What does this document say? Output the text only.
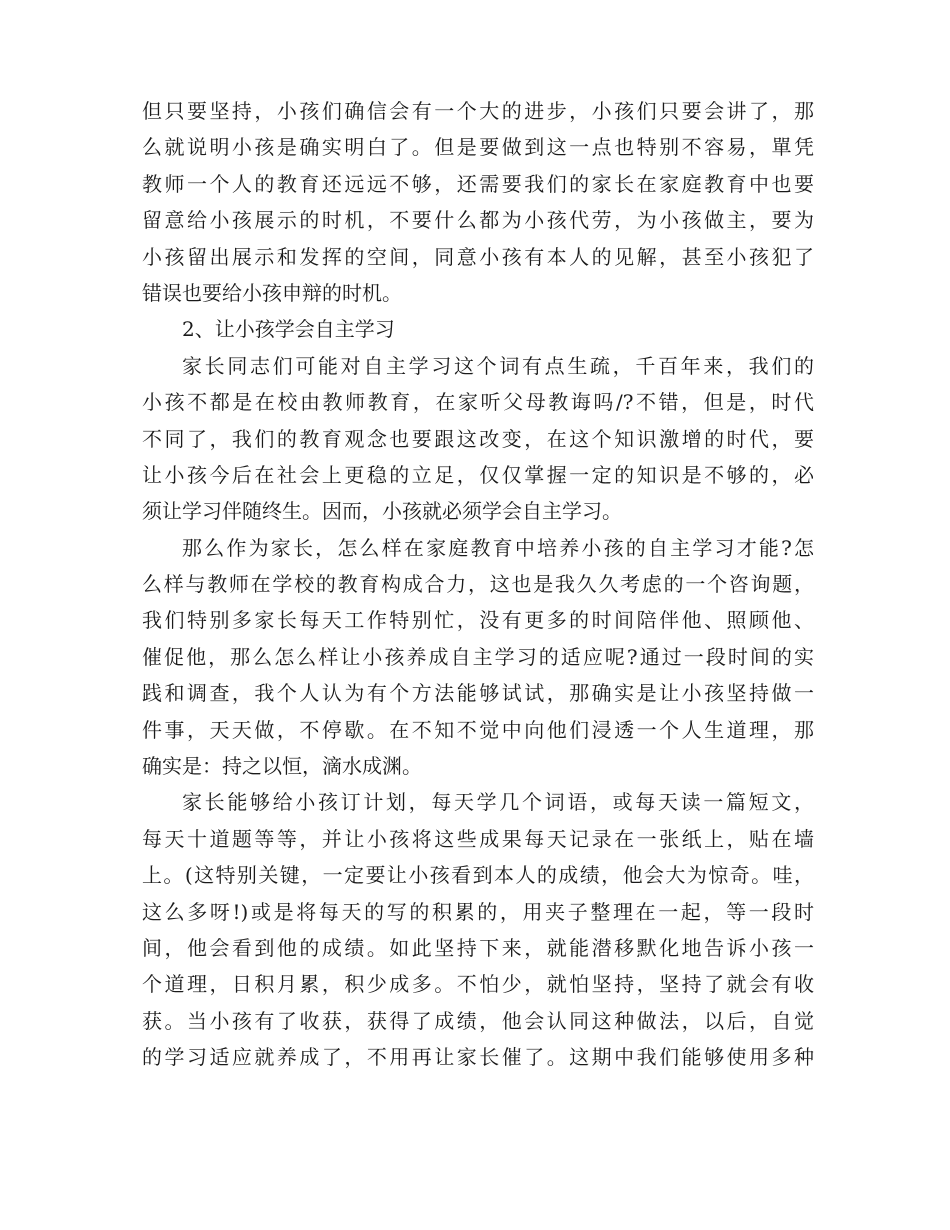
但只要坚持，小孩们确信会有一个大的进步，小孩们只要会讲了，那
么就说明小孩是确实明白了。但是要做到这一点也特别不容易，單凭
教师一个人的教育还远远不够，还需要我们的家长在家庭教育中也要
留意给小孩展示的时机，不要什么都为小孩代劳，为小孩做主，要为
小孩留出展示和发挥的空间，同意小孩有本人的见解，甚至小孩犯了
错误也要给小孩申辩的时机。
2、让小孩学会自主学习
家长同志们可能对自主学习这个词有点生疏，千百年来，我们的
小孩不都是在校由教师教育，在家听父母教诲吗/?不错，但是，时代
不同了，我们的教育观念也要跟这改变，在这个知识激增的时代，要
让小孩今后在社会上更稳的立足，仅仅掌握一定的知识是不够的，必
须让学习伴随终生。因而，小孩就必须学会自主学习。
那么作为家长，怎么样在家庭教育中培养小孩的自主学习才能?怎
么样与教师在学校的教育构成合力，这也是我久久考虑的一个咨询题，
我们特别多家长每天工作特别忙，没有更多的时间陪伴他、照顾他、
催促他，那么怎么样让小孩养成自主学习的适应呢?通过一段时间的实
践和调查，我个人认为有个方法能够试试，那确实是让小孩坚持做一
件事，天天做，不停歇。在不知不觉中向他们浸透一个人生道理，那
确实是：持之以恒，滴水成渊。
家长能够给小孩订计划，每天学几个词语，或每天读一篇短文，
每天十道题等等，并让小孩将这些成果每天记录在一张纸上，贴在墙
上。(这特别关键，一定要让小孩看到本人的成绩，他会大为惊奇。哇，
这么多呀!)或是将每天的写的积累的，用夹子整理在一起，等一段时
间，他会看到他的成绩。如此坚持下来，就能潜移默化地告诉小孩一
个道理，日积月累，积少成多。不怕少，就怕坚持，坚持了就会有收
获。当小孩有了收获，获得了成绩，他会认同这种做法，以后，自觉
的学习适应就养成了，不用再让家长催了。这期中我们能够使用多种
